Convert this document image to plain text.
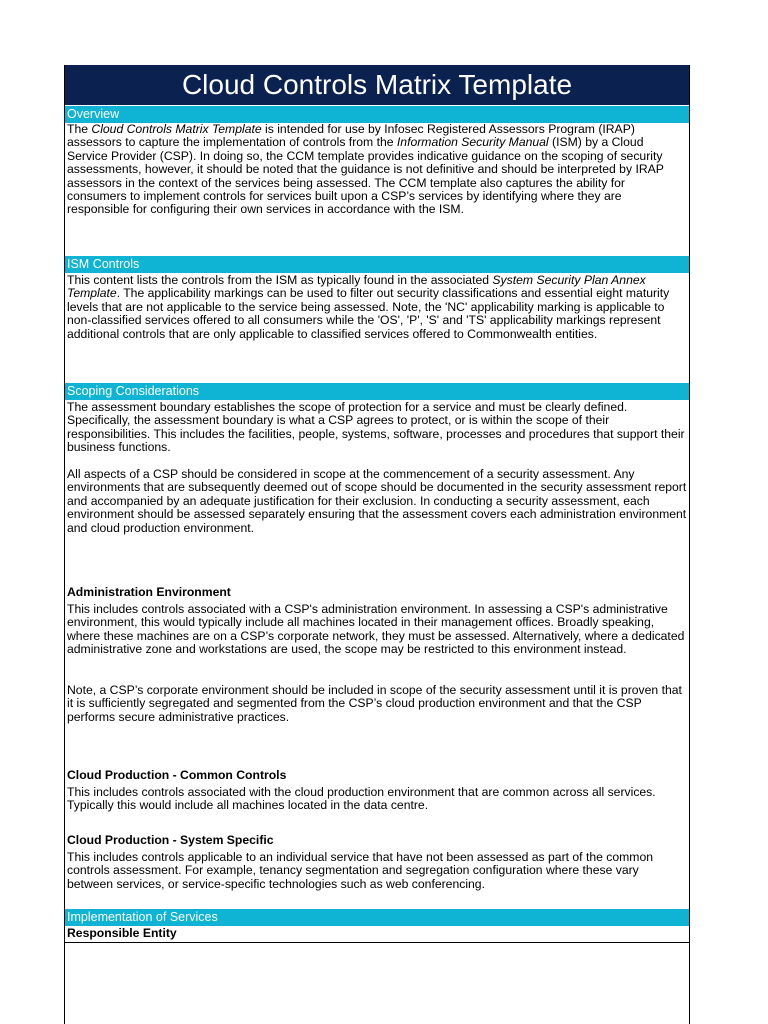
Cloud Controls Matrix Template
Overview

The Cloud Controls Matrix Template is intended for use by Infosec Registered Assessors Program (IRAP) assessors to capture the implementation of controls from the Information Security Manual (ISM) by a Cloud Service Provider (CSP). In doing so, the CCM template provides indicative guidance on the scoping of security assessments, however, it should be noted that the guidance is not definitive and should be interpreted by IRAP assessors in the context of the services being assessed. The CCM template also captures the ability for consumers to implement controls for services built upon a CSP’s services by identifying where they are responsible for configuring their own services in accordance with the ISM.

ISM Controls

This content lists the controls from the ISM as typically found in the associated System Security Plan Annex Template. The applicability markings can be used to filter out security classifications and essential eight maturity levels that are not applicable to the service being assessed. Note, the 'NC' applicability marking is applicable to non-classified services offered to all consumers while the 'OS', 'P', 'S' and 'TS' applicability markings represent additional controls that are only applicable to classified services offered to Commonwealth entities.

Scoping Considerations

The assessment boundary establishes the scope of protection for a service and must be clearly defined. Specifically, the assessment boundary is what a CSP agrees to protect, or is within the scope of their responsibilities. This includes the facilities, people, systems, software, processes and procedures that support their business functions.

All aspects of a CSP should be considered in scope at the commencement of a security assessment. Any environments that are subsequently deemed out of scope should be documented in the security assessment report and accompanied by an adequate justification for their exclusion. In conducting a security assessment, each environment should be assessed separately ensuring that the assessment covers each administration environment and cloud production environment.

Administration Environment

This includes controls associated with a CSP's administration environment. In assessing a CSP's administrative environment, this would typically include all machines located in their management offices. Broadly speaking, where these machines are on a CSP’s corporate network, they must be assessed. Alternatively, where a dedicated administrative zone and workstations are used, the scope may be restricted to this environment instead.

Note, a CSP’s corporate environment should be included in scope of the security assessment until it is proven that it is sufficiently segregated and segmented from the CSP’s cloud production environment and that the CSP performs secure administrative practices.

Cloud Production - Common Controls

This includes controls associated with the cloud production environment that are common across all services. Typically this would include all machines located in the data centre.

Cloud Production - System Specific

This includes controls applicable to an individual service that have not been assessed as part of the common controls assessment. For example, tenancy segmentation and segregation configuration where these vary between services, or service-specific technologies such as web conferencing.

Implementation of Services

Responsible Entity
